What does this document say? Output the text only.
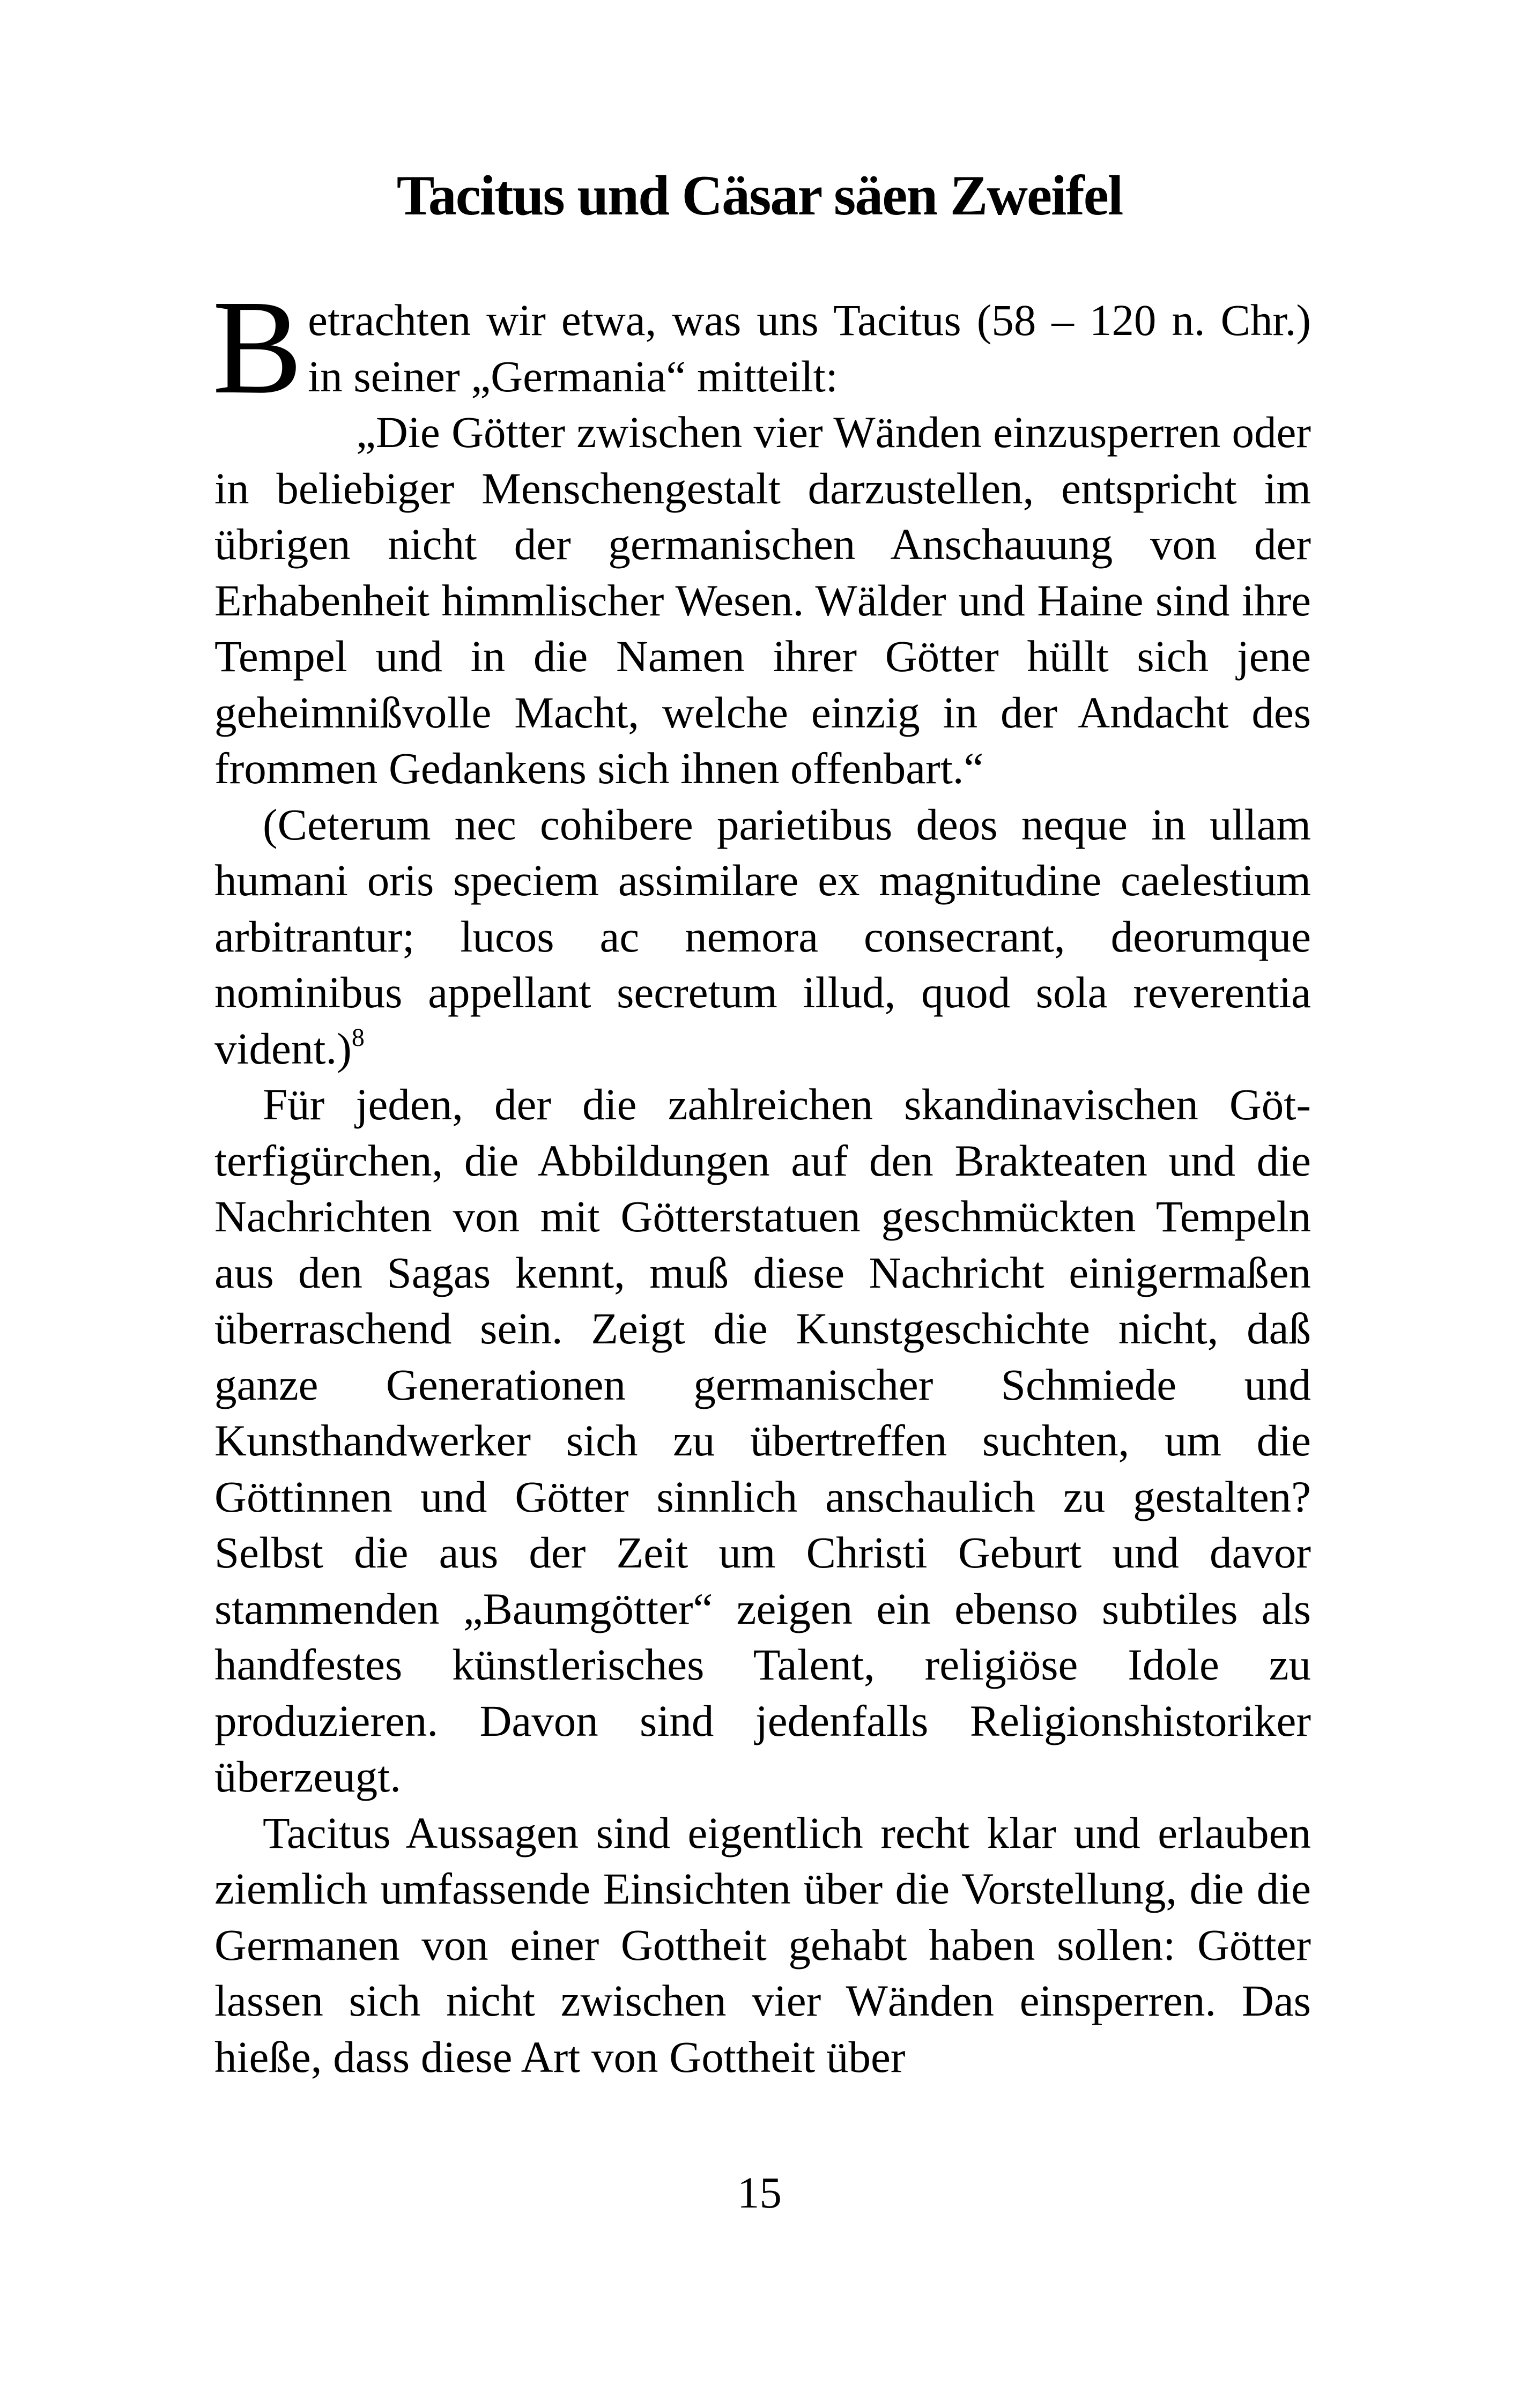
Tacitus und Cäsar säen Zweifel

B etrachten wir etwa, was uns Tacitus (58 – 120 n. Chr.) in seiner „Germania“ mitteilt:

„Die Götter zwischen vier Wänden einzusperren oder in beliebiger Menschengestalt darzustellen, entspricht im übrigen nicht der germanischen Anschauung von der Erhabenheit himmlischer Wesen. Wälder und Haine sind ihre Tempel und in die Namen ihrer Götter hüllt sich jene geheimnißvolle Macht, welche einzig in der Andacht des frommen Gedankens sich ihnen offenbart.“

(Ceterum nec cohibere parietibus deos neque in ullam humani oris speciem assimilare ex magnitudine caelestium arbitrantur; lucos ac nemora consecrant, deorumque nominibus appellant secretum illud, quod sola reverentia vident.)$^8$

Für jeden, der die zahlreichen skandinavischen Götterfigürchen, die Abbildungen auf den Brakteaten und die Nachrichten von mit Götterstatuen geschmückten Tempeln aus den Sagas kennt, muß diese Nachricht einigermaßen überraschend sein. Zeigt die Kunstgeschichte nicht, daß ganze Generationen germanischer Schmiede und Kunsthandwerker sich zu übertreffen suchten, um die Göttinnen und Götter sinnlich anschaulich zu gestalten? Selbst die aus der Zeit um Christi Geburt und davor stammenden „Baumgötter“ zeigen ein ebenso subtiles als handfestes künstlerisches Talent, religiöse Idole zu produzieren. Davon sind jedenfalls Religionshistoriker überzeugt.

Tacitus Aussagen sind eigentlich recht klar und erlauben ziemlich umfassende Einsichten über die Vorstellung, die die Germanen von einer Gottheit gehabt haben sollen: Götter lassen sich nicht zwischen vier Wänden einsperren. Das hieße, dass diese Art von Gottheit über

15
